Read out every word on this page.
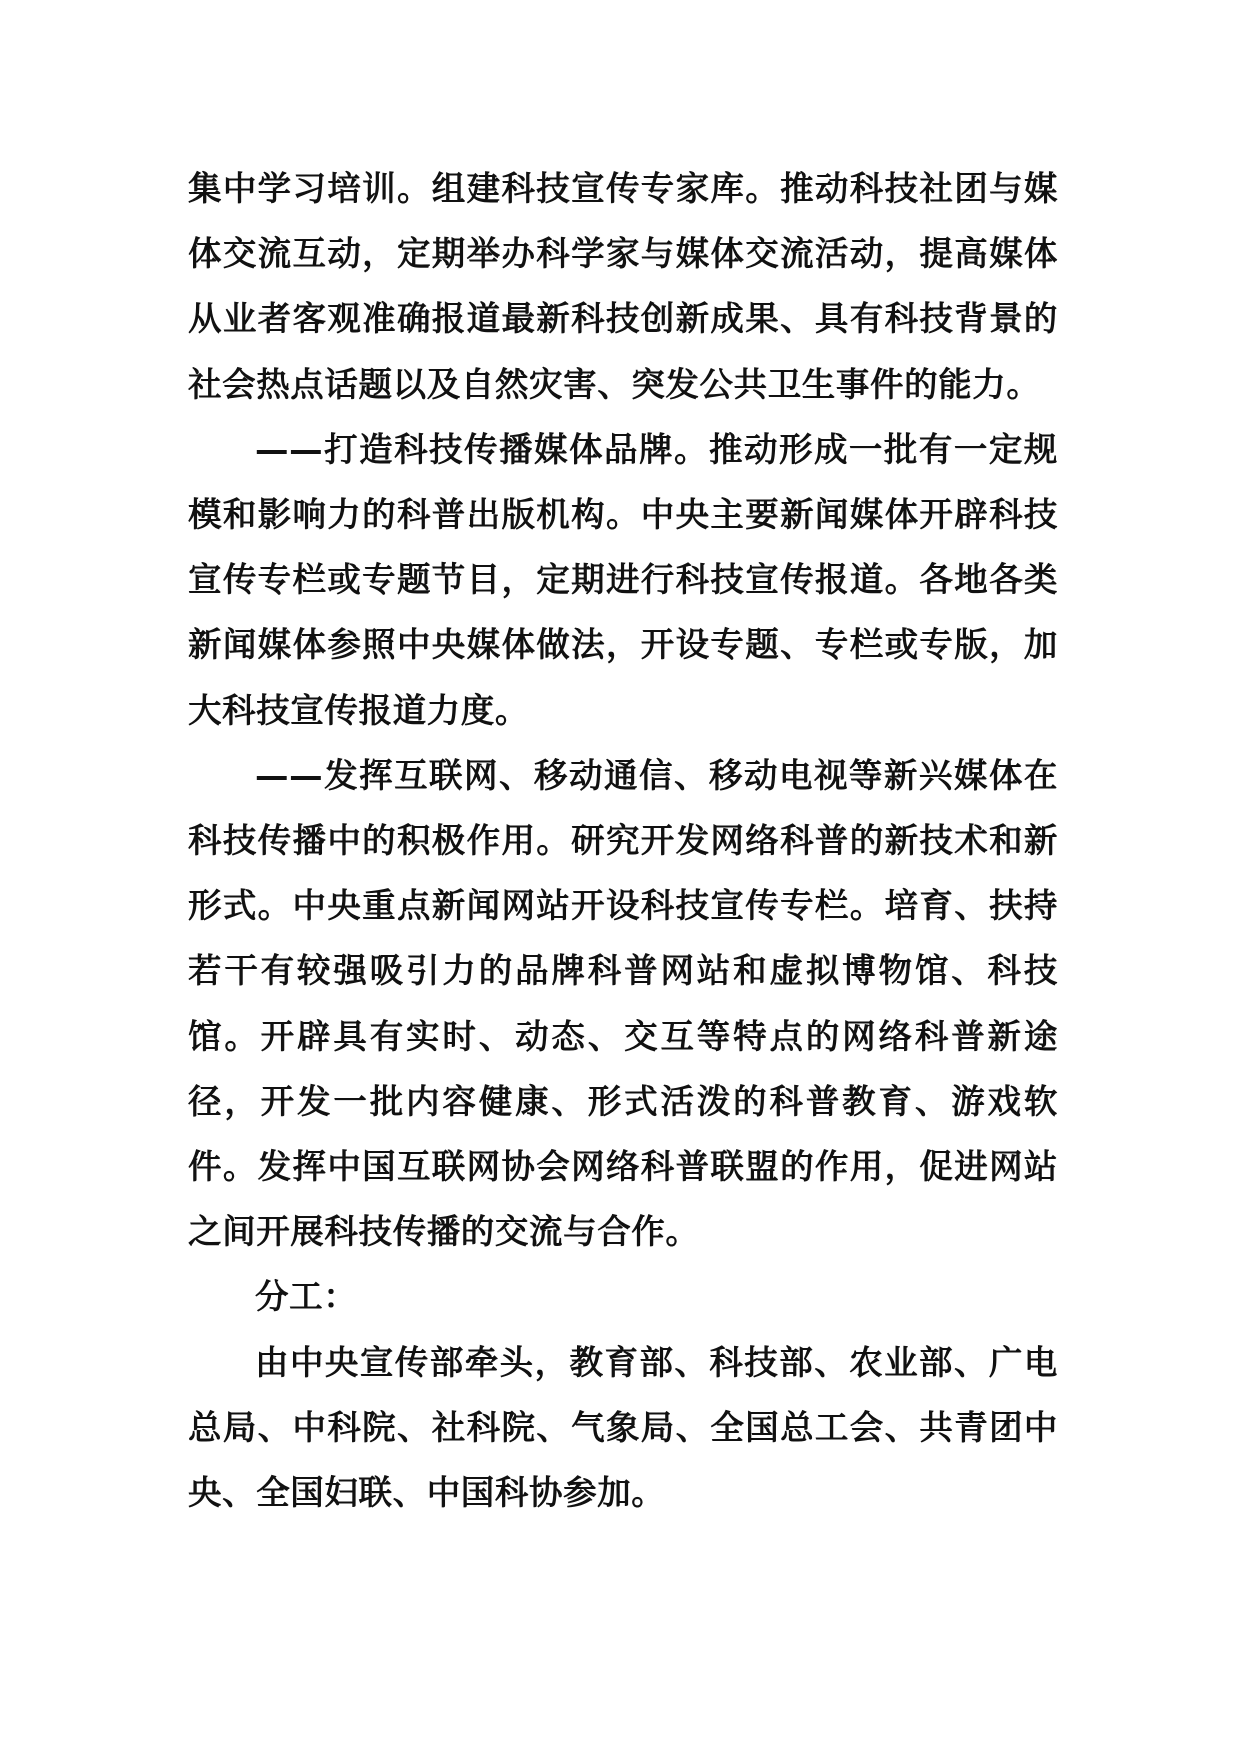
集中学习培训。组建科技宣传专家库。推动科技社团与媒体交流互动，定期举办科学家与媒体交流活动，提高媒体从业者客观准确报道最新科技创新成果、具有科技背景的社会热点话题以及自然灾害、突发公共卫生事件的能力。

——打造科技传播媒体品牌。推动形成一批有一定规模和影响力的科普出版机构。中央主要新闻媒体开辟科技宣传专栏或专题节目，定期进行科技宣传报道。各地各类新闻媒体参照中央媒体做法，开设专题、专栏或专版，加大科技宣传报道力度。

——发挥互联网、移动通信、移动电视等新兴媒体在科技传播中的积极作用。研究开发网络科普的新技术和新形式。中央重点新闻网站开设科技宣传专栏。培育、扶持若干有较强吸引力的品牌科普网站和虚拟博物馆、科技馆。开辟具有实时、动态、交互等特点的网络科普新途径，开发一批内容健康、形式活泼的科普教育、游戏软件。发挥中国互联网协会网络科普联盟的作用，促进网站之间开展科技传播的交流与合作。

分工：

由中央宣传部牵头，教育部、科技部、农业部、广电总局、中科院、社科院、气象局、全国总工会、共青团中央、全国妇联、中国科协参加。
